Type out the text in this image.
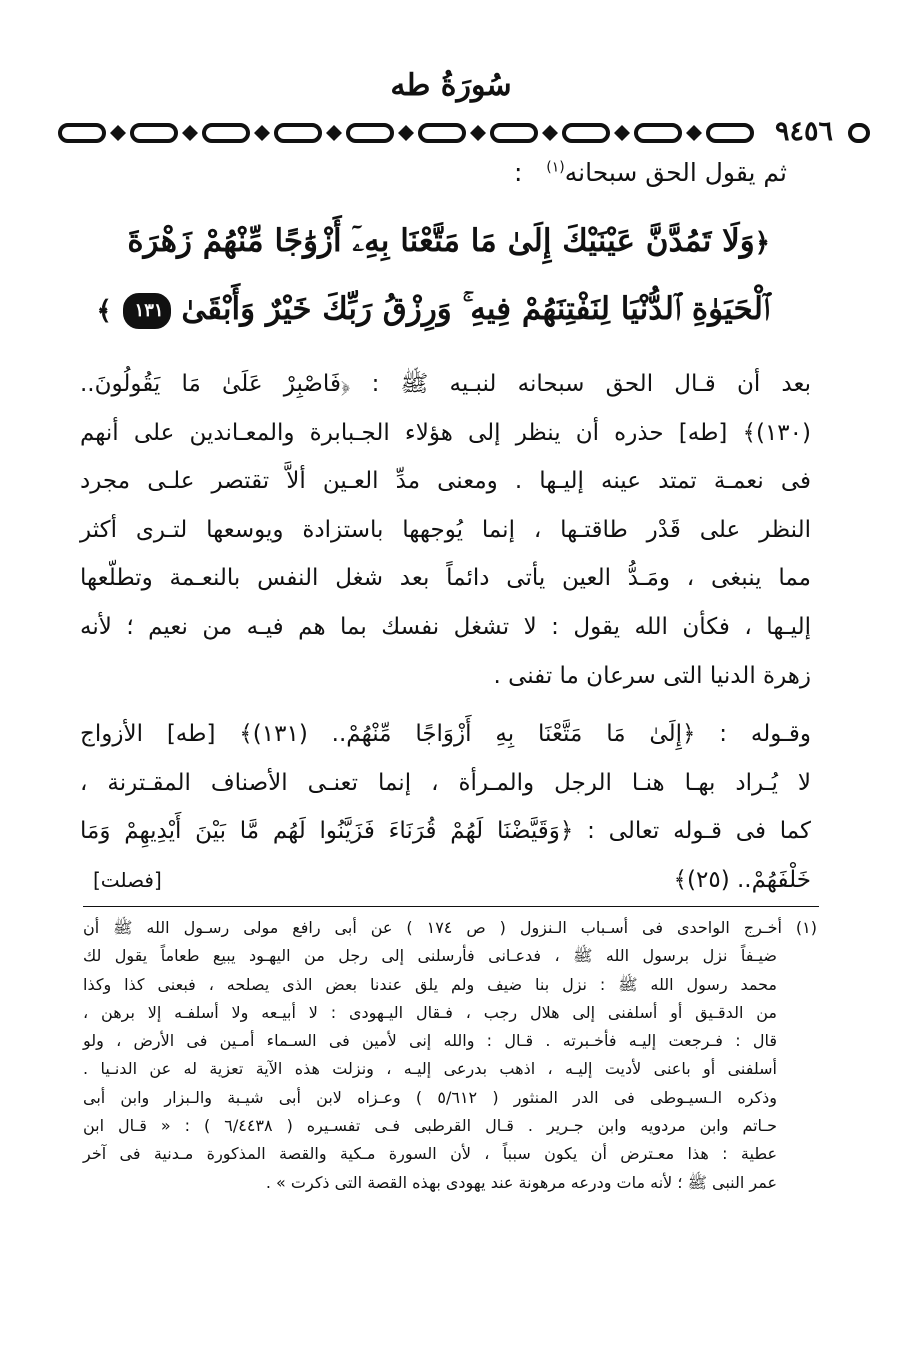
سُورَةُ طه
٩٤٥٦
ثم يقول الحق سبحانه$^{(١)}$   :
﴿وَلَا تَمُدَّنَّ عَيْنَيْكَ إِلَىٰ مَا مَتَّعْنَا بِهِۦٓ أَزْوَٰجًا مِّنْهُمْ زَهْرَةَ
ٱلْحَيَوٰةِ ٱلدُّنْيَا لِنَفْتِنَهُمْ فِيهِ ۚ وَرِزْقُ رَبِّكَ خَيْرٌ وَأَبْقَىٰ ١٣١ ﴾

بعد أن قـال الحق سبحانه لنبـيه ﷺ : ﴿فَاصْبِرْ عَلَىٰ مَا يَقُولُونَ..
(١٣٠)﴾ [طه] حذره أن ينظر إلى هؤلاء الجـبابرة والمعـاندين على أنهم
فى نعمـة تمتد عينه إليـها . ومعنى مدِّ العـين ألاَّ تقتصر علـى مجرد
النظر على قَدْر طاقتـها ، إنما يُوجهها باستزادة ويوسعها لتـرى أكثر
مما ينبغى ، ومَـدُّ العين يأتى دائماً بعد شغل النفس بالنعـمة وتطلّعها
إليـها ، فكأن الله يقول : لا تشغل نفسك بما هم فيـه من نعيم ؛ لأنه
زهرة الدنيا التى سرعان ما تفنى .

وقـوله : ﴿إِلَىٰ مَا مَتَّعْنَا بِهِ أَزْوَاجًا مِّنْهُمْ.. (١٣١)﴾ [طه] الأزواج
لا يُـراد بهـا هنـا الرجل والمـرأة ، إنما تعنـى الأصناف المقـترنة ،
كما فى قـوله تعالى : ﴿وَقَيَّضْنَا لَهُمْ قُرَنَاءَ فَزَيَّنُوا لَهُم مَّا بَيْنَ أَيْدِيهِمْ وَمَا
خَلْفَهُمْ.. (٢٥)﴾

[فصلت]
(١) أخـرج الواحدى فى أسـباب الـنزول ( ص ١٧٤ ) عن أبى رافع مولى رسـول الله ﷺ أن
ضيـفاً نزل برسول الله ﷺ ، فدعـانى فأرسلنى إلى رجل من اليهـود يبيع طعاماً يقول لك
محمد رسول الله ﷺ : نزل بنا ضيف ولم يلق عندنا بعض الذى يصلحه ، فبعنى كذا وكذا
من الدقـيق أو أسلفنى إلى هلال رجب ، فـقال اليـهودى : لا أبيـعه ولا أسلفـه إلا برهن ،
قال : فـرجعت إليـه فأخـبرته . قـال : والله إنى لأمين فى السـماء أمـين فى الأرض ، ولو
أسلفنى أو باعنى لأديت إليـه ، اذهب بدرعى إليـه ، ونزلت هذه الآية تعزية له عن الدنـيا .
وذكره الـسيـوطى فى الدر المنثور ( ٥/٦١٢ ) وعـزاه لابن أبى شيـبة والـبزار وابن أبى
حـاتم وابن مردويه وابن جـرير . قـال القرطبى فـى تفسـيره ( ٦/٤٤٣٨ ) : « قـال ابن
عطية : هذا معـترض أن يكون سبباً ، لأن السورة مـكية والقصة المذكورة مـدنية فى آخر
عمر النبى ﷺ ؛ لأنه مات ودرعه مرهونة عند يهودى بهذه القصة التى ذكرت » .
